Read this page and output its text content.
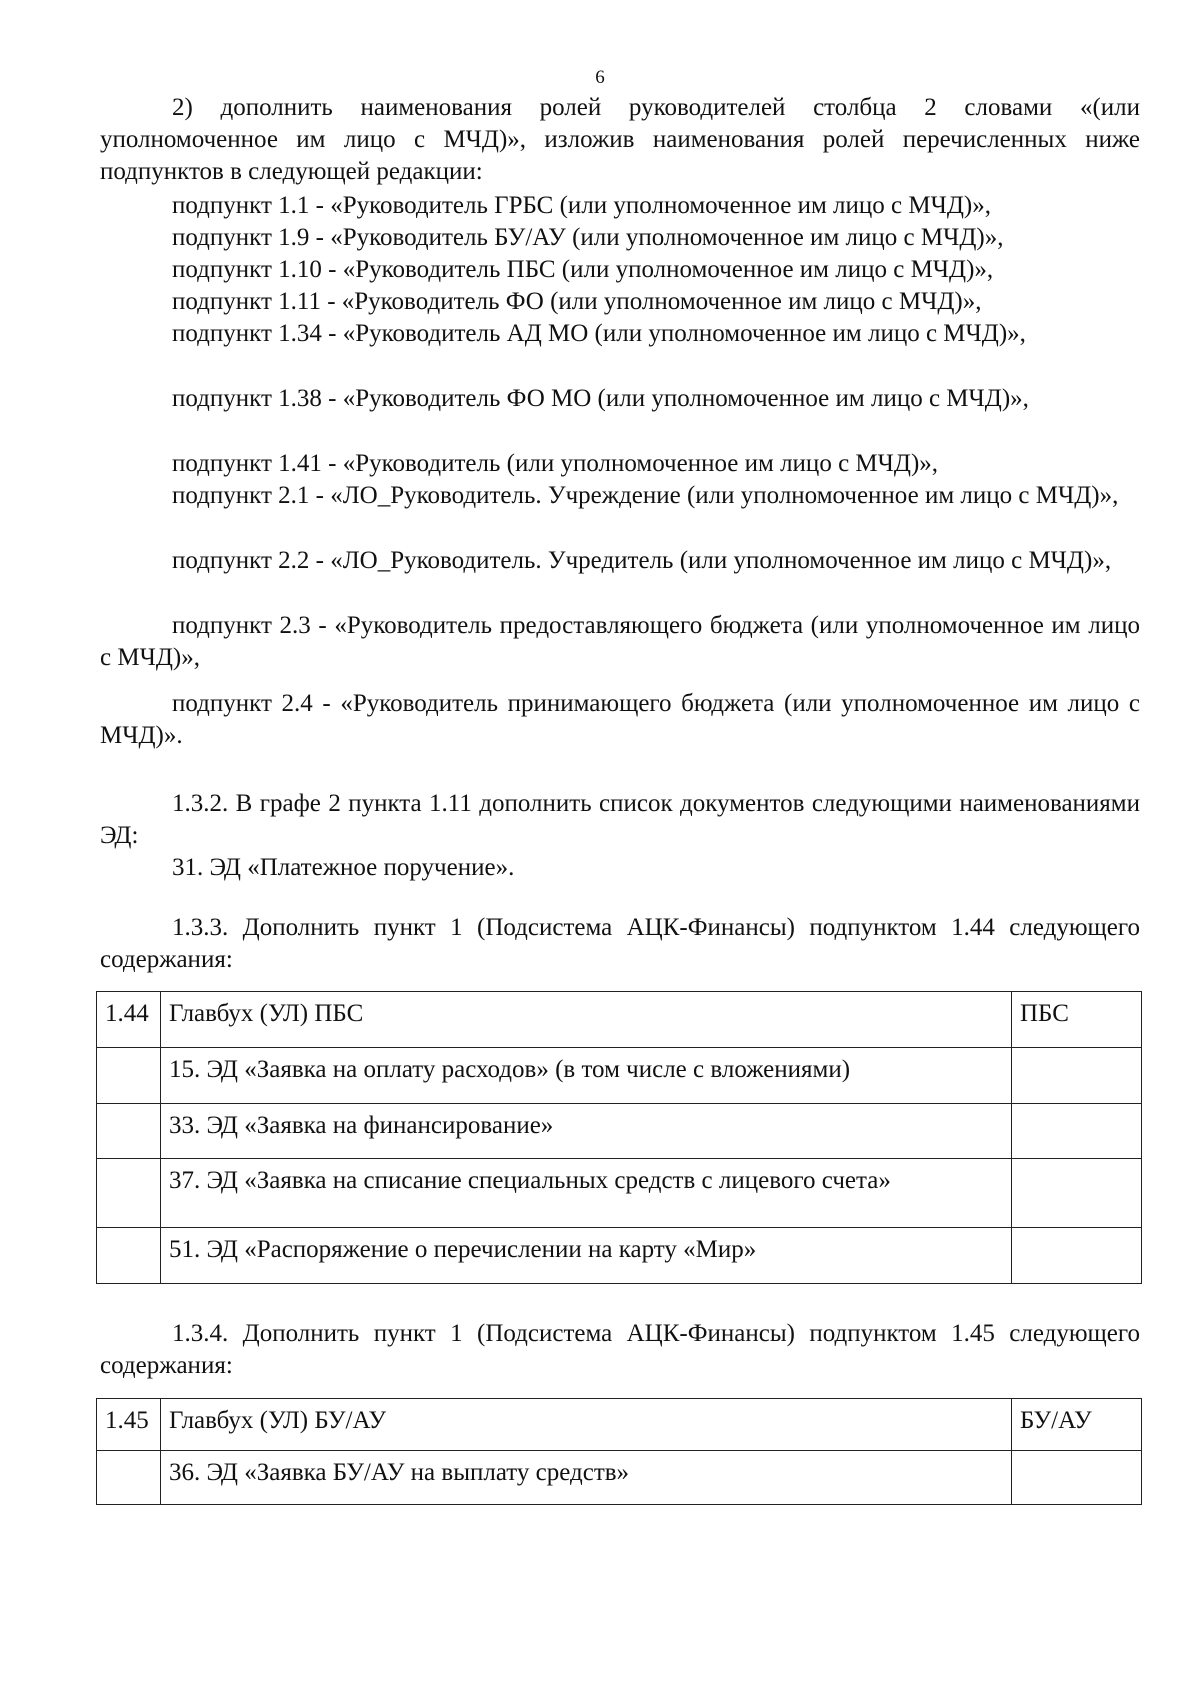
6
2) дополнить наименования ролей руководителей столбца 2 словами «(или уполномоченное им лицо с МЧД)», изложив наименования ролей перечисленных ниже подпунктов в следующей редакции:
подпункт 1.1 - «Руководитель ГРБС (или уполномоченное им лицо с МЧД)»,
подпункт 1.9 - «Руководитель БУ/АУ (или уполномоченное им лицо с МЧД)»,
подпункт 1.10 - «Руководитель ПБС (или уполномоченное им лицо с МЧД)»,
подпункт 1.11 - «Руководитель ФО (или уполномоченное им лицо с МЧД)»,
подпункт 1.34 - «Руководитель АД МО (или уполномоченное им лицо с МЧД)»,
подпункт 1.38 - «Руководитель ФО МО (или уполномоченное им лицо с МЧД)»,
подпункт 1.41 - «Руководитель (или уполномоченное им лицо с МЧД)»,
подпункт 2.1 - «ЛО_Руководитель. Учреждение (или уполномоченное им лицо с МЧД)»,
подпункт 2.2 - «ЛО_Руководитель. Учредитель (или уполномоченное им лицо с МЧД)»,
подпункт 2.3 - «Руководитель предоставляющего бюджета (или уполномоченное им лицо с МЧД)»,
подпункт 2.4 - «Руководитель принимающего бюджета (или уполномоченное им лицо с МЧД)».
1.3.2. В графе 2 пункта 1.11 дополнить список документов следующими наименованиями ЭД:
31. ЭД «Платежное поручение».
1.3.3. Дополнить пункт 1 (Подсистема АЦК-Финансы) подпунктом 1.44 следующего содержания:
1.44	Главбух (УЛ) ПБС	ПБС
	15. ЭД «Заявка на оплату расходов» (в том числе с вложениями)	
	33. ЭД «Заявка на финансирование»	
	37. ЭД «Заявка на списание специальных средств с лицевого счета»	
	51. ЭД «Распоряжение о перечислении на карту «Мир»	
1.3.4. Дополнить пункт 1 (Подсистема АЦК-Финансы) подпунктом 1.45 следующего содержания:
1.45	Главбух (УЛ) БУ/АУ	БУ/АУ
	36. ЭД «Заявка БУ/АУ на выплату средств»	
